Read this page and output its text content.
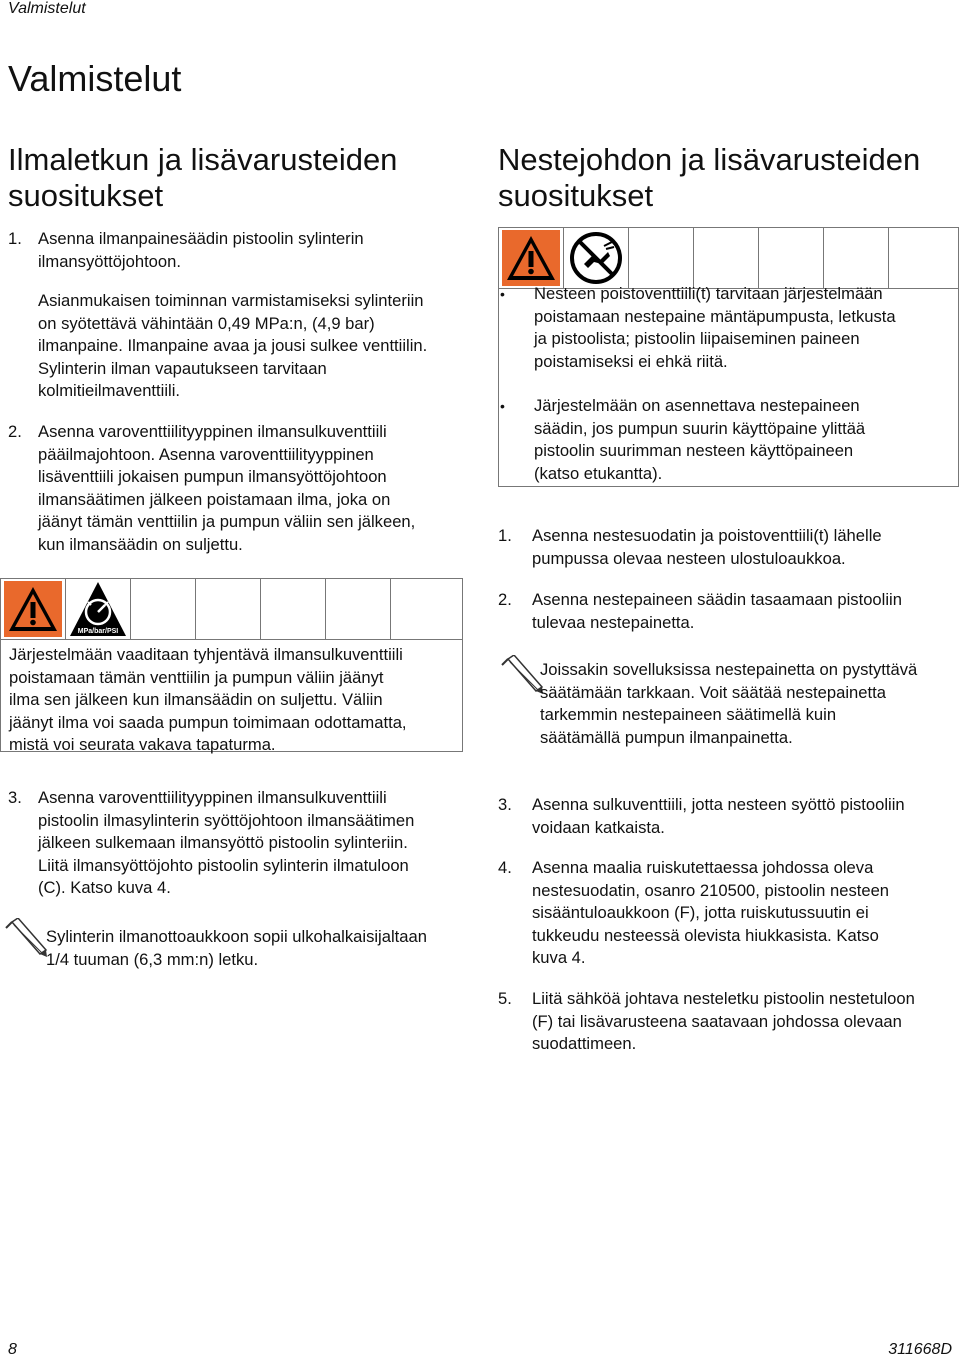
Valmistelut
Valmistelut
Ilmaletkun ja lisävarusteiden
suositukset
1. Asenna ilmanpainesäädin pistoolin sylinterin

ilmansyöttöjohtoon.

Asianmukaisen toiminnan varmistamiseksi sylinteriin

on syötettävä vähintään 0,49 MPa:n, (4,9 bar)

ilmanpaine. Ilmanpaine avaa ja jousi sulkee venttiilin.

Sylinterin ilman vapautukseen tarvitaan

kolmitieilmaventtiili.

2. Asenna varoventtiilityyppinen ilmansulkuventtiili

pääilmajohtoon. Asenna varoventtiilityyppinen

lisäventtiili jokaisen pumpun ilmansyöttöjohtoon

ilmansäätimen jälkeen poistamaan ilma, joka on

jäänyt tämän venttiilin ja pumpun väliin sen jälkeen,

kun ilmansäädin on suljettu.

MPa/bar/PSI
Järjestelmään vaaditaan tyhjentävä ilmansulkuventtiili
poistamaan tämän venttiilin ja pumpun väliin jäänyt
ilma sen jälkeen kun ilmansäädin on suljettu. Väliin
jäänyt ilma voi saada pumpun toimimaan odottamatta,
mistä voi seurata vakava tapaturma.
3. Asenna varoventtiilityyppinen ilmansulkuventtiili

pistoolin ilmasylinterin syöttöjohtoon ilmansäätimen

jälkeen sulkemaan ilmansyöttö pistoolin sylinteriin.

Liitä ilmansyöttöjohto pistoolin sylinterin ilmatuloon

(C). Katso kuva 4.

Sylinterin ilmanottoaukkoon sopii ulkohalkaisijaltaan

1/4 tuuman (6,3 mm:n) letku.

Nestejohdon ja lisävarusteiden
suositukset
• Nesteen poistoventtiili(t) tarvitaan järjestelmään

poistamaan nestepaine mäntäpumpusta, letkusta

ja pistoolista; pistoolin liipaiseminen paineen

poistamiseksi ei ehkä riitä.

• Järjestelmään on asennettava nestepaineen

säädin, jos pumpun suurin käyttöpaine ylittää

pistoolin suurimman nesteen käyttöpaineen

(katso etukantta).

1. Asenna nestesuodatin ja poistoventtiili(t) lähelle

pumpussa olevaa nesteen ulostuloaukkoa.

2. Asenna nestepaineen säädin tasaamaan pistooliin

tulevaa nestepainetta.

Joissakin sovelluksissa nestepainetta on pystyttävä

säätämään tarkkaan. Voit säätää nestepainetta

tarkemmin nestepaineen säätimellä kuin

säätämällä pumpun ilmanpainetta.

3. Asenna sulkuventtiili, jotta nesteen syöttö pistooliin

voidaan katkaista.

4. Asenna maalia ruiskutettaessa johdossa oleva

nestesuodatin, osanro 210500, pistoolin nesteen

sisääntuloaukkoon (F), jotta ruiskutussuutin ei

tukkeudu nesteessä olevista hiukkasista. Katso

kuva 4.

5. Liitä sähköä johtava nesteletku pistoolin nestetuloon

(F) tai lisävarusteena saatavaan johdossa olevaan

suodattimeen.

8	311668D
